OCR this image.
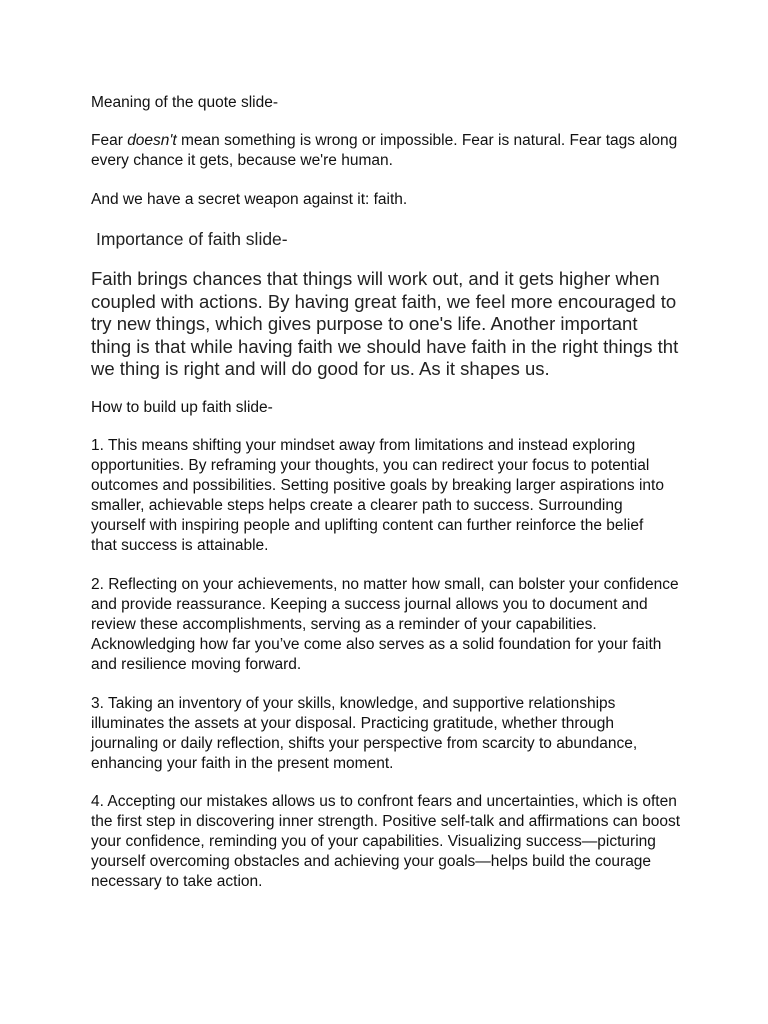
Meaning of the quote slide-

Fear doesn't mean something is wrong or impossible. Fear is natural. Fear tags along every chance it gets, because we're human.

And we have a secret weapon against it: faith.

Importance of faith slide-

Faith brings chances that things will work out, and it gets higher when coupled with actions. By having great faith, we feel more encouraged to try new things, which gives purpose to one's life. Another important thing is that while having faith we should have faith in the right things tht we thing is right and will do good for us. As it shapes us.

How to build up faith slide-

1. This means shifting your mindset away from limitations and instead exploring opportunities. By reframing your thoughts, you can redirect your focus to potential outcomes and possibilities. Setting positive goals by breaking larger aspirations into smaller, achievable steps helps create a clearer path to success. Surrounding yourself with inspiring people and uplifting content can further reinforce the belief that success is attainable.

2. Reflecting on your achievements, no matter how small, can bolster your confidence and provide reassurance. Keeping a success journal allows you to document and review these accomplishments, serving as a reminder of your capabilities. Acknowledging how far you’ve come also serves as a solid foundation for your faith and resilience moving forward.

3. Taking an inventory of your skills, knowledge, and supportive relationships illuminates the assets at your disposal. Practicing gratitude, whether through journaling or daily reflection, shifts your perspective from scarcity to abundance, enhancing your faith in the present moment.

4. Accepting our mistakes allows us to confront fears and uncertainties, which is often the first step in discovering inner strength. Positive self-talk and affirmations can boost your confidence, reminding you of your capabilities. Visualizing success—picturing yourself overcoming obstacles and achieving your goals—helps build the courage necessary to take action.
